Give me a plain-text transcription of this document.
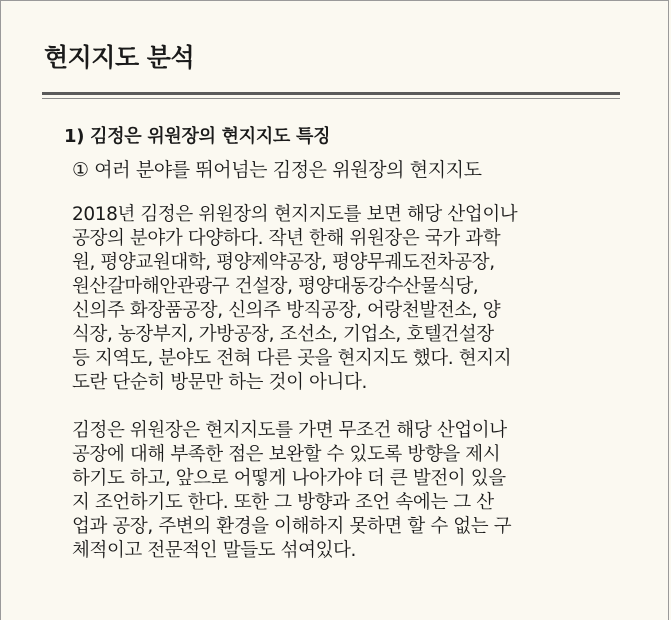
현지지도 분석
1) 김정은 위원장의 현지지도 특징
① 여러 분야를 뛰어넘는 김정은 위원장의 현지지도
2018년 김정은 위원장의 현지지도를 보면 해당 산업이나
공장의 분야가 다양하다. 작년 한해 위원장은 국가 과학
원, 평양교원대학, 평양제약공장, 평양무궤도전차공장,
원산갈마해안관광구 건설장, 평양대동강수산물식당,
신의주 화장품공장, 신의주 방직공장, 어랑천발전소, 양
식장, 농장부지, 가방공장, 조선소, 기업소, 호텔건설장
등 지역도, 분야도 전혀 다른 곳을 현지지도 했다. 현지지
도란 단순히 방문만 하는 것이 아니다.
김정은 위원장은 현지지도를 가면 무조건 해당 산업이나
공장에 대해 부족한 점은 보완할 수 있도록 방향을 제시
하기도 하고, 앞으로 어떻게 나아가야 더 큰 발전이 있을
지 조언하기도 한다. 또한 그 방향과 조언 속에는 그 산
업과 공장, 주변의 환경을 이해하지 못하면 할 수 없는 구
체적이고 전문적인 말들도 섞여있다.
